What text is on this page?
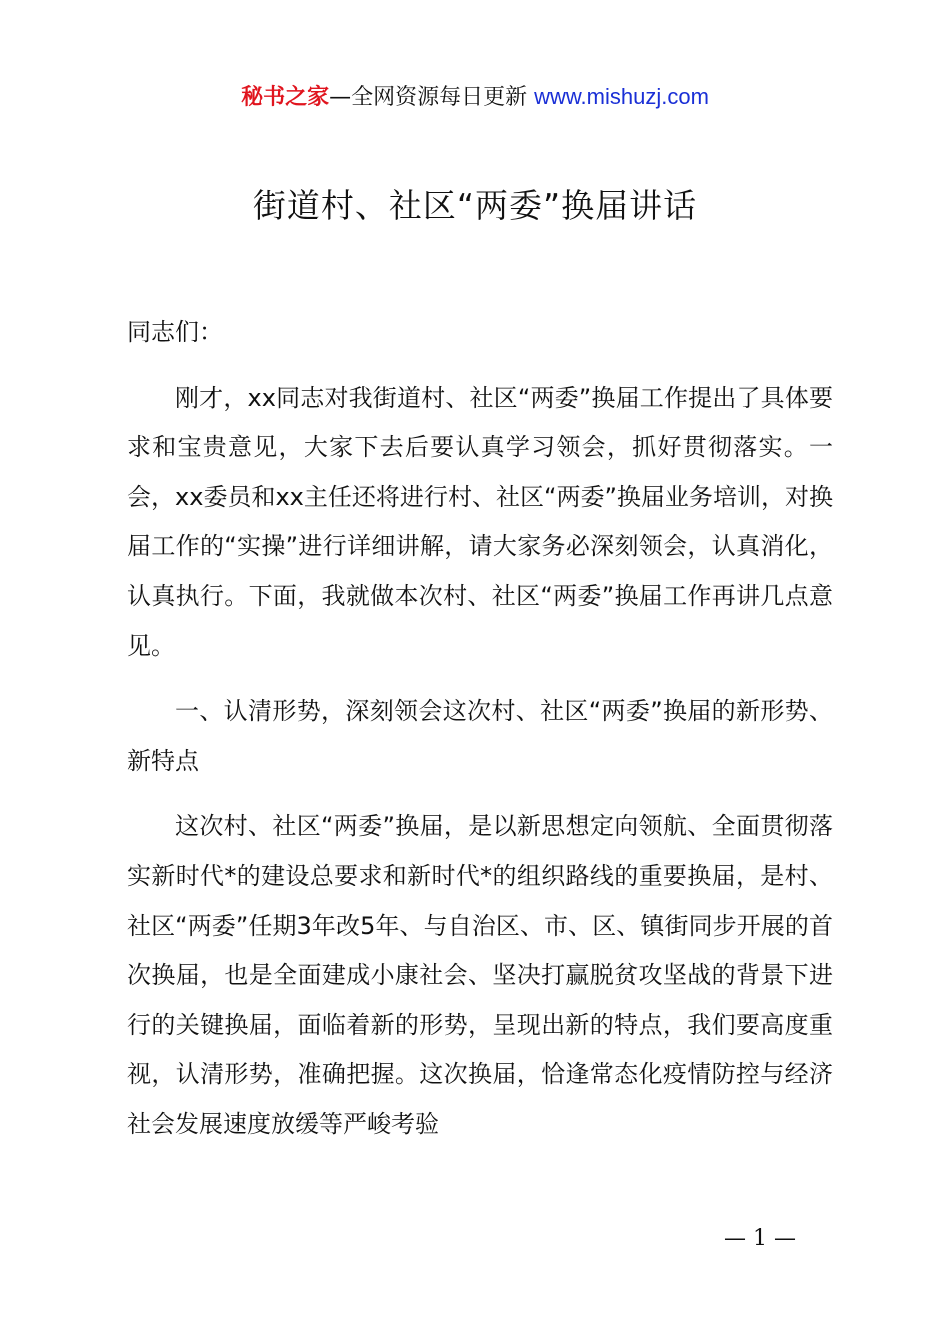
秘书之家—全网资源每日更新 www.mishuzj.com
街道村、社区“两委”换届讲话

同志们：

刚才，xx同志对我街道村、社区“两委”换届工作提出了具体要求和宝贵意见，大家下去后要认真学习领会，抓好贯彻落实。一会，xx委员和xx主任还将进行村、社区“两委”换届业务培训，对换届工作的“实操”进行详细讲解，请大家务必深刻领会，认真消化，认真执行。下面，我就做本次村、社区“两委”换届工作再讲几点意见。

一、认清形势，深刻领会这次村、社区“两委”换届的新形势、新特点

这次村、社区“两委”换届，是以新思想定向领航、全面贯彻落实新时代*的建设总要求和新时代*的组织路线的重要换届，是村、社区“两委”任期3年改5年、与自治区、市、区、镇街同步开展的首次换届，也是全面建成小康社会、坚决打赢脱贫攻坚战的背景下进行的关键换届，面临着新的形势，呈现出新的特点，我们要高度重视，认清形势，准确把握。这次换届，恰逢常态化疫情防控与经济社会发展速度放缓等严峻考验

— 1 —
